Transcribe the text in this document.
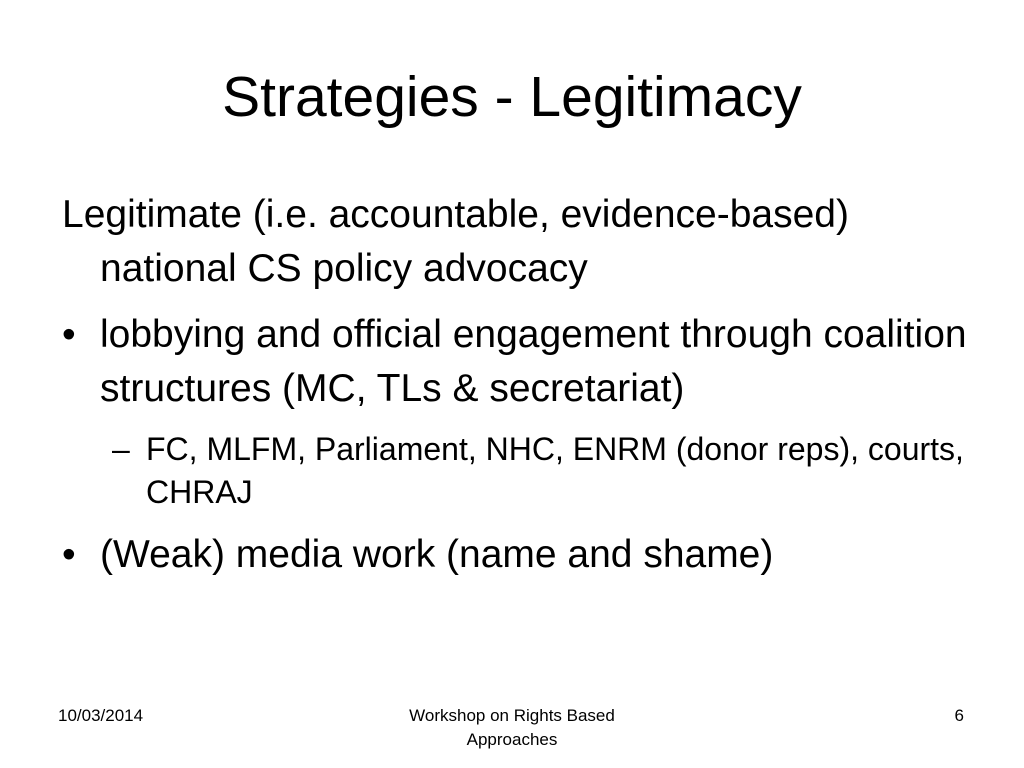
Strategies - Legitimacy

Legitimate (i.e. accountable, evidence-based) national CS policy advocacy

• lobbying and official engagement through coalition structures (MC, TLs & secretariat)
– FC, MLFM, Parliament, NHC, ENRM (donor reps), courts, CHRAJ
• (Weak) media work (name and shame)
10/03/2014	Workshop on Rights Based
Approaches
6
